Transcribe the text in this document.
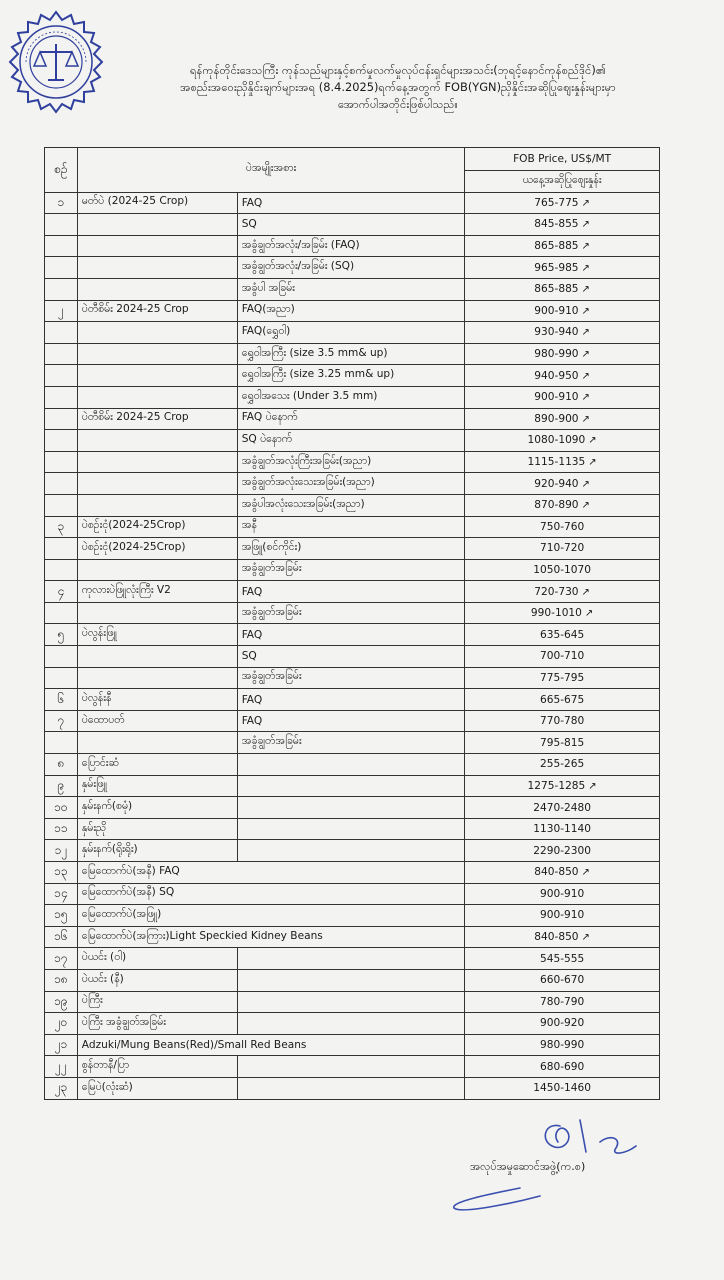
ရန်ကုန်တိုင်းဒေသကြီး ကုန်သည်များနှင့်စက်မှုလက်မှုလုပ်ငန်းရှင်များအသင်း(ဘုရင့်နောင်ကုန်စည်ဒိုင်)၏
အစည်းအဝေးညှိနှိုင်းချက်များအရ (8.4.2025)ရက်နေ့အတွက် FOB(YGN)ညှိနှိုင်းအဆိုပြုဈေးနှုန်းများမှာ
အောက်ပါအတိုင်းဖြစ်ပါသည်။
စဉ်	ပဲအမျိုးအစား		FOB Price, US$/MT
			ယနေ့အဆိုပြုဈေးနှုန်း
၁	မတ်ပဲ (2024-25 Crop)	FAQ	765-775 ↗
		SQ	845-855 ↗
		အခွံချွတ်အလုံး/အခြမ်း (FAQ)	865-885 ↗
		အခွံချွတ်အလုံး/အခြမ်း (SQ)	965-985 ↗
		အခွံပါ အခြမ်း	865-885 ↗
၂	ပဲတီစိမ်း 2024-25 Crop	FAQ(အညာ)	900-910 ↗
		FAQ(ရွှေဝါ)	930-940 ↗
		ရွှေဝါအကြီး (size 3.5 mm& up)	980-990 ↗
		ရွှေဝါအကြီး (size 3.25 mm& up)	940-950 ↗
		ရွှေဝါအသေး (Under 3.5 mm)	900-910 ↗
	ပဲတီစိမ်း 2024-25 Crop	FAQ ပဲနောက်	890-900 ↗
		SQ ပဲနောက်	1080-1090 ↗
		အခွံချွတ်အလုံးကြီးအခြမ်း(အညာ)	1115-1135 ↗
		အခွံချွတ်အလုံးသေးအခြမ်း(အညာ)	920-940 ↗
		အခွံပါအလုံးသေးအခြမ်း(အညာ)	870-890 ↗
၃	ပဲစဉ်းငုံ(2024-25Crop)	အနီ	750-760
	ပဲစဉ်းငုံ(2024-25Crop)	အဖြူ(စင်ကိုင်း)	710-720
		အခွံချွတ်အခြမ်း	1050-1070
၄	ကုလားပဲဖြူလုံးကြီး V2	FAQ	720-730 ↗
		အခွံချွတ်အခြမ်း	990-1010 ↗
၅	ပဲလွန်းဖြူ	FAQ	635-645
		SQ	700-710
		အခွံချွတ်အခြမ်း	775-795
၆	ပဲလွန်းနီ	FAQ	665-675
၇	ပဲထောပတ်	FAQ	770-780
		အခွံချွတ်အခြမ်း	795-815
၈	ပြောင်းဆံ		255-265
၉	နှမ်းဖြူ		1275-1285 ↗
၁၀	နှမ်းနက်(စမုံ)		2470-2480
၁၁	နှမ်းညို		1130-1140
၁၂	နှမ်းနက်(ရိုးရိုး)		2290-2300
၁၃	မြေထောက်ပဲ(အနီ) FAQ		840-850 ↗
၁၄	မြေထောက်ပဲ(အနီ) SQ		900-910
၁၅	မြေထောက်ပဲ(အဖြူ)		900-910
၁၆	မြေထောက်ပဲ(အကြား)Light Speckied Kidney Beans		840-850 ↗
၁၇	ပဲယင်း (ဝါ)		545-555
၁၈	ပဲယင်း (နီ)		660-670
၁၉	ပဲကြီး		780-790
၂၀	ပဲကြီး အခွံချွတ်အခြမ်း		900-920
၂၁	Adzuki/Mung Beans(Red)/Small Red Beans		980-990
၂၂	စွန်တာနီ/ပြာ		680-690
၂၃	မြေပဲ(လုံးဆံ)		1450-1460
အလုပ်အမှုဆောင်အဖွဲ့(က.စ)
